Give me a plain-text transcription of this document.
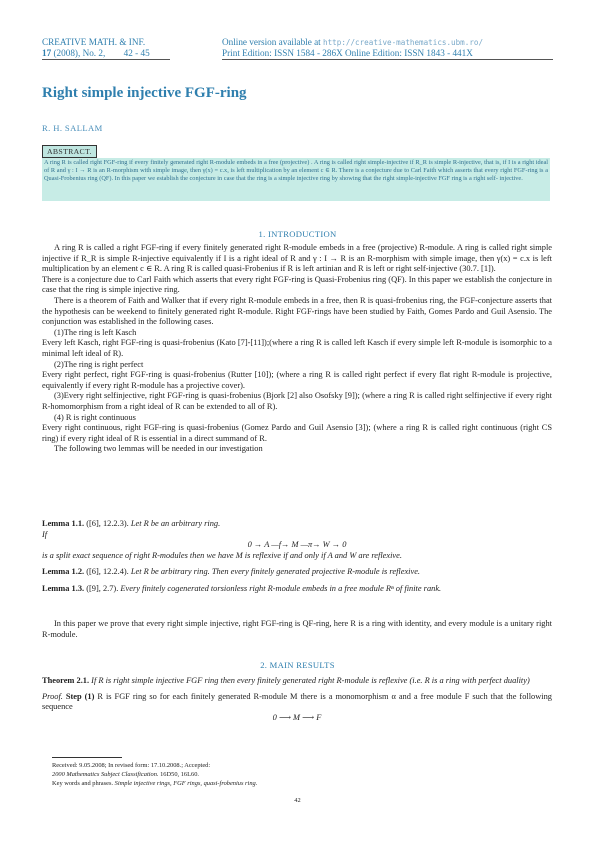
CREATIVE MATH. & INF.
17 (2008), No. 2, 42 - 45
Online version available at http://creative-mathematics.ubm.ro/
Print Edition: ISSN 1584 - 286X Online Edition: ISSN 1843 - 441X
Right simple injective FGF-ring
R. H. SALLAM
ABSTRACT.
A ring R is called right FGF-ring if every finitely generated right R-module embeds in a free (projective) . A ring is called right simple-injective if R_R is simple R-injective, that is, if I is a right ideal of R and γ : I → R is an R-morphism with simple image, then γ(x) = c.x, is left multiplication by an element c ∈ R. There is a conjecture due to Carl Faith which asserts that every right FGF-ring is a Quasi-Frobenius ring (QF). In this paper we establish the conjecture in case that the ring is a simple injective ring by showing that the right simple-injective FGF ring is a right self- injective.
1. INTRODUCTION

A ring R is called a right FGF-ring if every finitely generated right R-module embeds in a free (projective) R-module. A ring is called right simple injective if R_R is simple R-injective equivalently if I is a right ideal of R and γ : I → R is an R-morphism with simple image, then γ(x) = c.x is left multiplication by an element c ∈ R. A ring R is called quasi-Frobenius if R is left artinian and R is left or right self-injective (30.7. [1]).

There is a conjecture due to Carl Faith which asserts that every right FGF-ring is Quasi-Frobenius ring (QF). In this paper we establish the conjecture in case that the ring is simple injective ring.

There is a theorem of Faith and Walker that if every right R-module embeds in a free, then R is quasi-frobenius ring, the FGF-conjecture asserts that the hypothesis can be weekend to finitely generated right R-module. Right FGF-rings have been studied by Faith, Gomes Pardo and Guil Asensio. The conjunction was established in the following cases.

(1)The ring is left Kasch

Every left Kasch, right FGF-ring is quasi-frobenius (Kato [7]-[11]);(where a ring R is called left Kasch if every simple left R-module is isomorphic to a minimal left ideal of R).

(2)The ring is right perfect

Every right perfect, right FGF-ring is quasi-frobenius (Rutter [10]); (where a ring R is called right perfect if every flat right R-module is projective, equivalently if every right R-module has a projective cover).

(3)Every right selfinjective, right FGF-ring is quasi-frobenius (Bjork [2] also Osofsky [9]); (where a ring R is called right selfinjective if every right R-homomorphism from a right ideal of R can be extended to all of R).

(4) R is right continuous

Every right continuous, right FGF-ring is quasi-frobenius (Gomez Pardo and Guil Asensio [3]); (where a ring R is called right continuous (right CS ring) if every right ideal of R is essential in a direct summand of R.

The following two lemmas will be needed in our investigation

Lemma 1.1. ([6], 12.2.3). Let R be an arbitrary ring.

If

0 → A —f→ M —π→ W → 0

is a split exact sequence of right R-modules then we have M is reflexive if and only if A and W are reflexive.

Lemma 1.2. ([6], 12.2.4). Let R be arbitrary ring. Then every finitely generated projective R-module is reflexive.

Lemma 1.3. ([9], 2.7). Every finitely cogenerated torsionless right R-module embeds in a free module Rⁿ of finite rank.

In this paper we prove that every right simple injective, right FGF-ring is QF-ring, here R is a ring with identity, and every module is a unitary right R-module.

2. MAIN RESULTS

Theorem 2.1. If R is right simple injective FGF ring then every finitely generated right R-module is reflexive (i.e. R is a ring with perfect duality)

Proof. Step (1) R is FGF ring so for each finitely generated R-module M there is a monomorphism α and a free module F such that the following sequence

0 ⟶ M ⟶ F

Received: 9.05.2008; In revised form: 17.10.2008.; Accepted:
2000 Mathematics Subject Classification. 16D50, 16L60.
Key words and phrases. Simple injective rings, FGF rings, quasi-frobenius ring.
42
